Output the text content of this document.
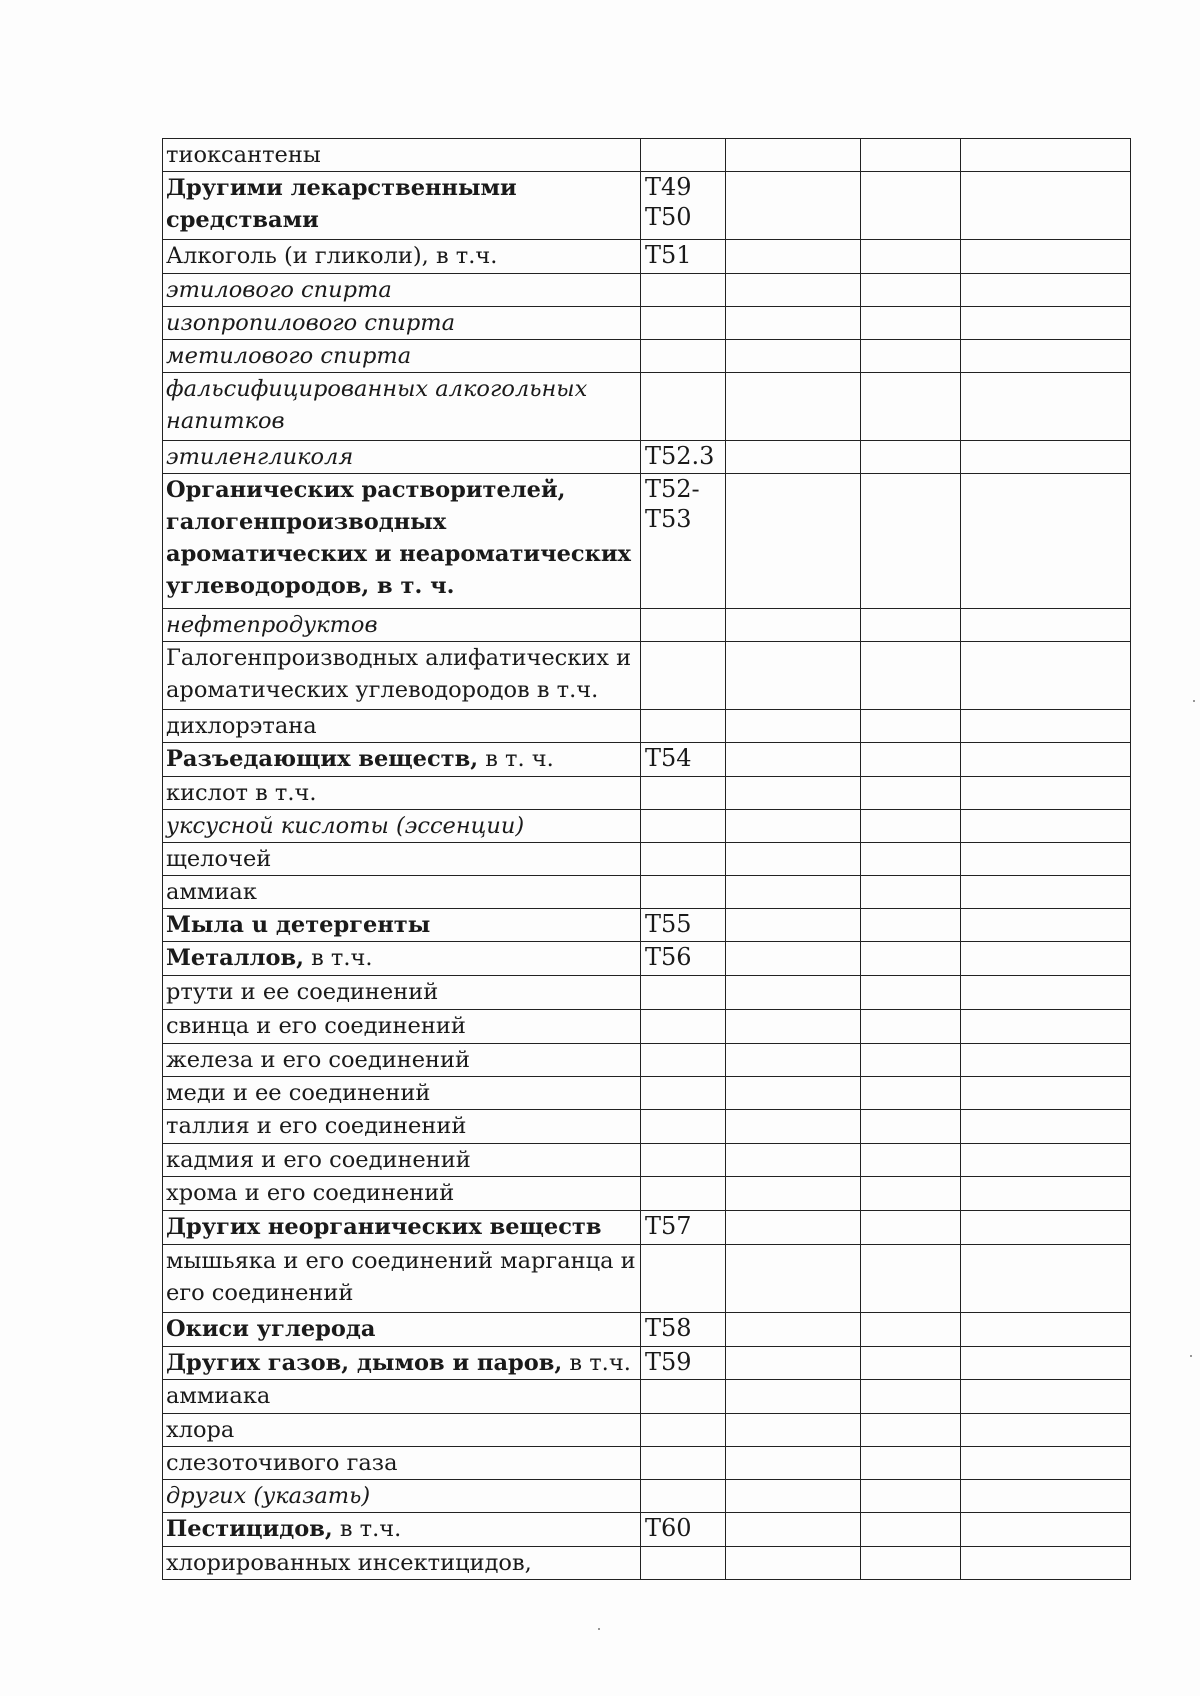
тиоксантены				
Другими лекарственными средствами	T49 T50			
Алкоголь (и гликоли), в т.ч.	T51			
этилового спирта				
изопропилового спирта				
метилового спирта				
фальсифицированных алкогольных напитков				
этиленгликоля	T52.3			
Органических растворителей, галогенпроизводных ароматических и неароматических углеводородов, в т. ч.	T52- T53			
нефтепродуктов				
Галогенпроизводных алифатических и ароматических углеводородов в т.ч.				
дихлорэтана				
Разъедающих веществ, в т. ч.	T54			
кислот в т.ч.				
уксусной кислоты (эссенции)				
щелочей				
аммиак				
Мыла u детергенты	T55			
Металлов, в т.ч.	T56			
ртути и ее соединений				
свинца и его соединений				
железа и его соединений				
меди и ее соединений				
таллия и его соединений				
кадмия и его соединений				
хрома и его соединений				
Других неорганических веществ	T57			
мышьяка и его соединений марганца и его соединений				
Окиси углерода	T58			
Других газов, дымов и паров, в т.ч.	T59			
аммиака				
хлора				
слезоточивого газа				
других (указать)				
Пестицидов, в т.ч.	T60			
хлорированных инсектицидов,				
